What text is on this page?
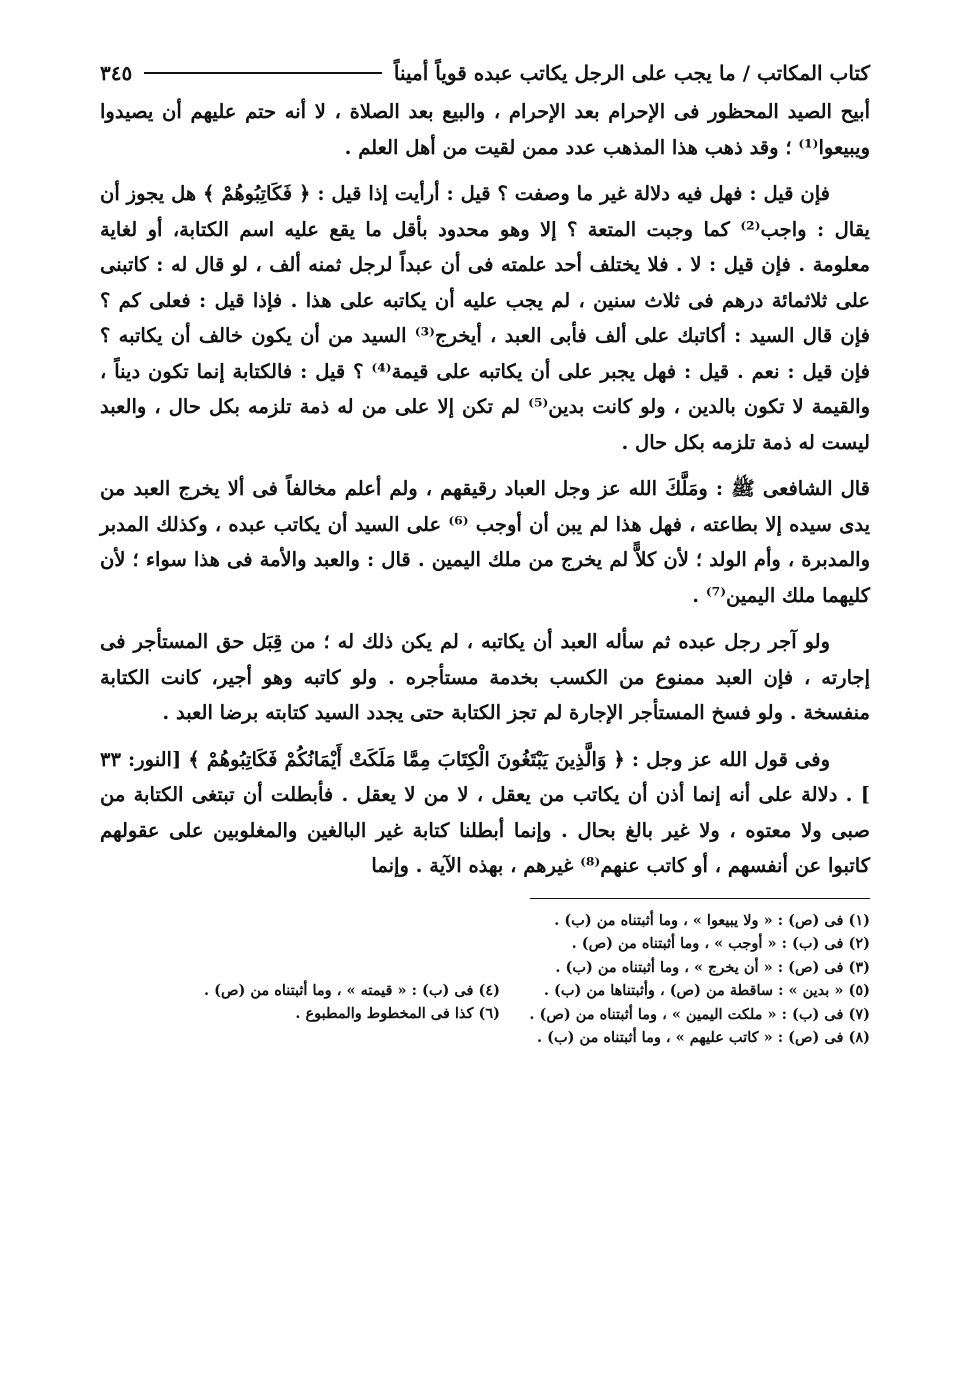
كتاب المكاتب / ما يجب على الرجل يكاتب عبده قوياً أميناً
٣٤٥

أبيح الصيد المحظور فى الإحرام بعد الإحرام ، والبيع بعد الصلاة ، لا أنه حتم عليهم أن يصيدوا ويبيعوا⁽¹⁾ ؛ وقد ذهب هذا المذهب عدد ممن لقيت من أهل العلم .

فإن قيل : فهل فيه دلالة غير ما وصفت ؟ قيل : أرأيت إذا قيل : ﴿ فَكَاتِبُوهُمْ ﴾ هل يجوز أن يقال : واجب⁽²⁾ كما وجبت المتعة ؟ إلا وهو محدود بأقل ما يقع عليه اسم الكتابة، أو لغاية معلومة . فإن قيل : لا . فلا يختلف أحد علمته فى أن عبداً لرجل ثمنه ألف ، لو قال له : كاتبنى على ثلاثمائة درهم فى ثلاث سنين ، لم يجب عليه أن يكاتبه على هذا . فإذا قيل : فعلى كم ؟ فإن قال السيد : أكاتبك على ألف فأبى العبد ، أيخرج⁽³⁾ السيد من أن يكون خالف أن يكاتبه ؟ فإن قيل : نعم . قيل : فهل يجبر على أن يكاتبه على قيمة⁽⁴⁾ ؟ قيل : فالكتابة إنما تكون ديناً ، والقيمة لا تكون بالدين ، ولو كانت بدين⁽⁵⁾ لم تكن إلا على من له ذمة تلزمه بكل حال ، والعبد ليست له ذمة تلزمه بكل حال .

قال الشافعى ﷺ : ومَلَّكَ الله عز وجل العباد رقيقهم ، ولم أعلم مخالفاً فى ألا يخرج العبد من يدى سيده إلا بطاعته ، فهل هذا لم يبن أن أوجب ⁽⁶⁾ على السيد أن يكاتب عبده ، وكذلك المدبر والمدبرة ، وأم الولد ؛ لأن كلاًّ لم يخرج من ملك اليمين . قال : والعبد والأمة فى هذا سواء ؛ لأن كليهما ملك اليمين⁽⁷⁾ .

ولو آجر رجل عبده ثم سأله العبد أن يكاتبه ، لم يكن ذلك له ؛ من قِبَل حق المستأجر فى إجارته ، فإن العبد ممنوع من الكسب بخدمة مستأجره . ولو كاتبه وهو أجير، كانت الكتابة منفسخة . ولو فسخ المستأجر الإجارة لم تجز الكتابة حتى يجدد السيد كتابته برضا العبد .

وفى قول الله عز وجل : ﴿ وَالَّذِينَ يَبْتَغُونَ الْكِتَابَ مِمَّا مَلَكَتْ أَيْمَانُكُمْ فَكَاتِبُوهُمْ ﴾ [النور: ٣٣ ] . دلالة على أنه إنما أذن أن يكاتب من يعقل ، لا من لا يعقل . فأبطلت أن تبتغى الكتابة من صبى ولا معتوه ، ولا غير بالغ بحال . وإنما أبطلنا كتابة غير البالغين والمغلوبين على عقولهم كاتبوا عن أنفسهم ، أو كاتب عنهم⁽⁸⁾ غيرهم ، بهذه الآية . وإنما

(١) فى (ص) : « ولا يبيعوا » ، وما أثبتناه من (ب) .
(٢) فى (ب) : « أوجب » ، وما أثبتناه من (ص) .
(٣) فى (ص) : « أن يخرج » ، وما أثبتناه من (ب) .
(٥) « بدين » : ساقطة من (ص) ، وأثبتناها من (ب) .
(٧) فى (ب) : « ملكت اليمين » ، وما أثبتناه من (ص) .
(٨) فى (ص) : « كاتب عليهم » ، وما أثبتناه من (ب) .
(٤) فى (ب) : « قيمته » ، وما أثبتناه من (ص) .
(٦) كذا فى المخطوط والمطبوع .
